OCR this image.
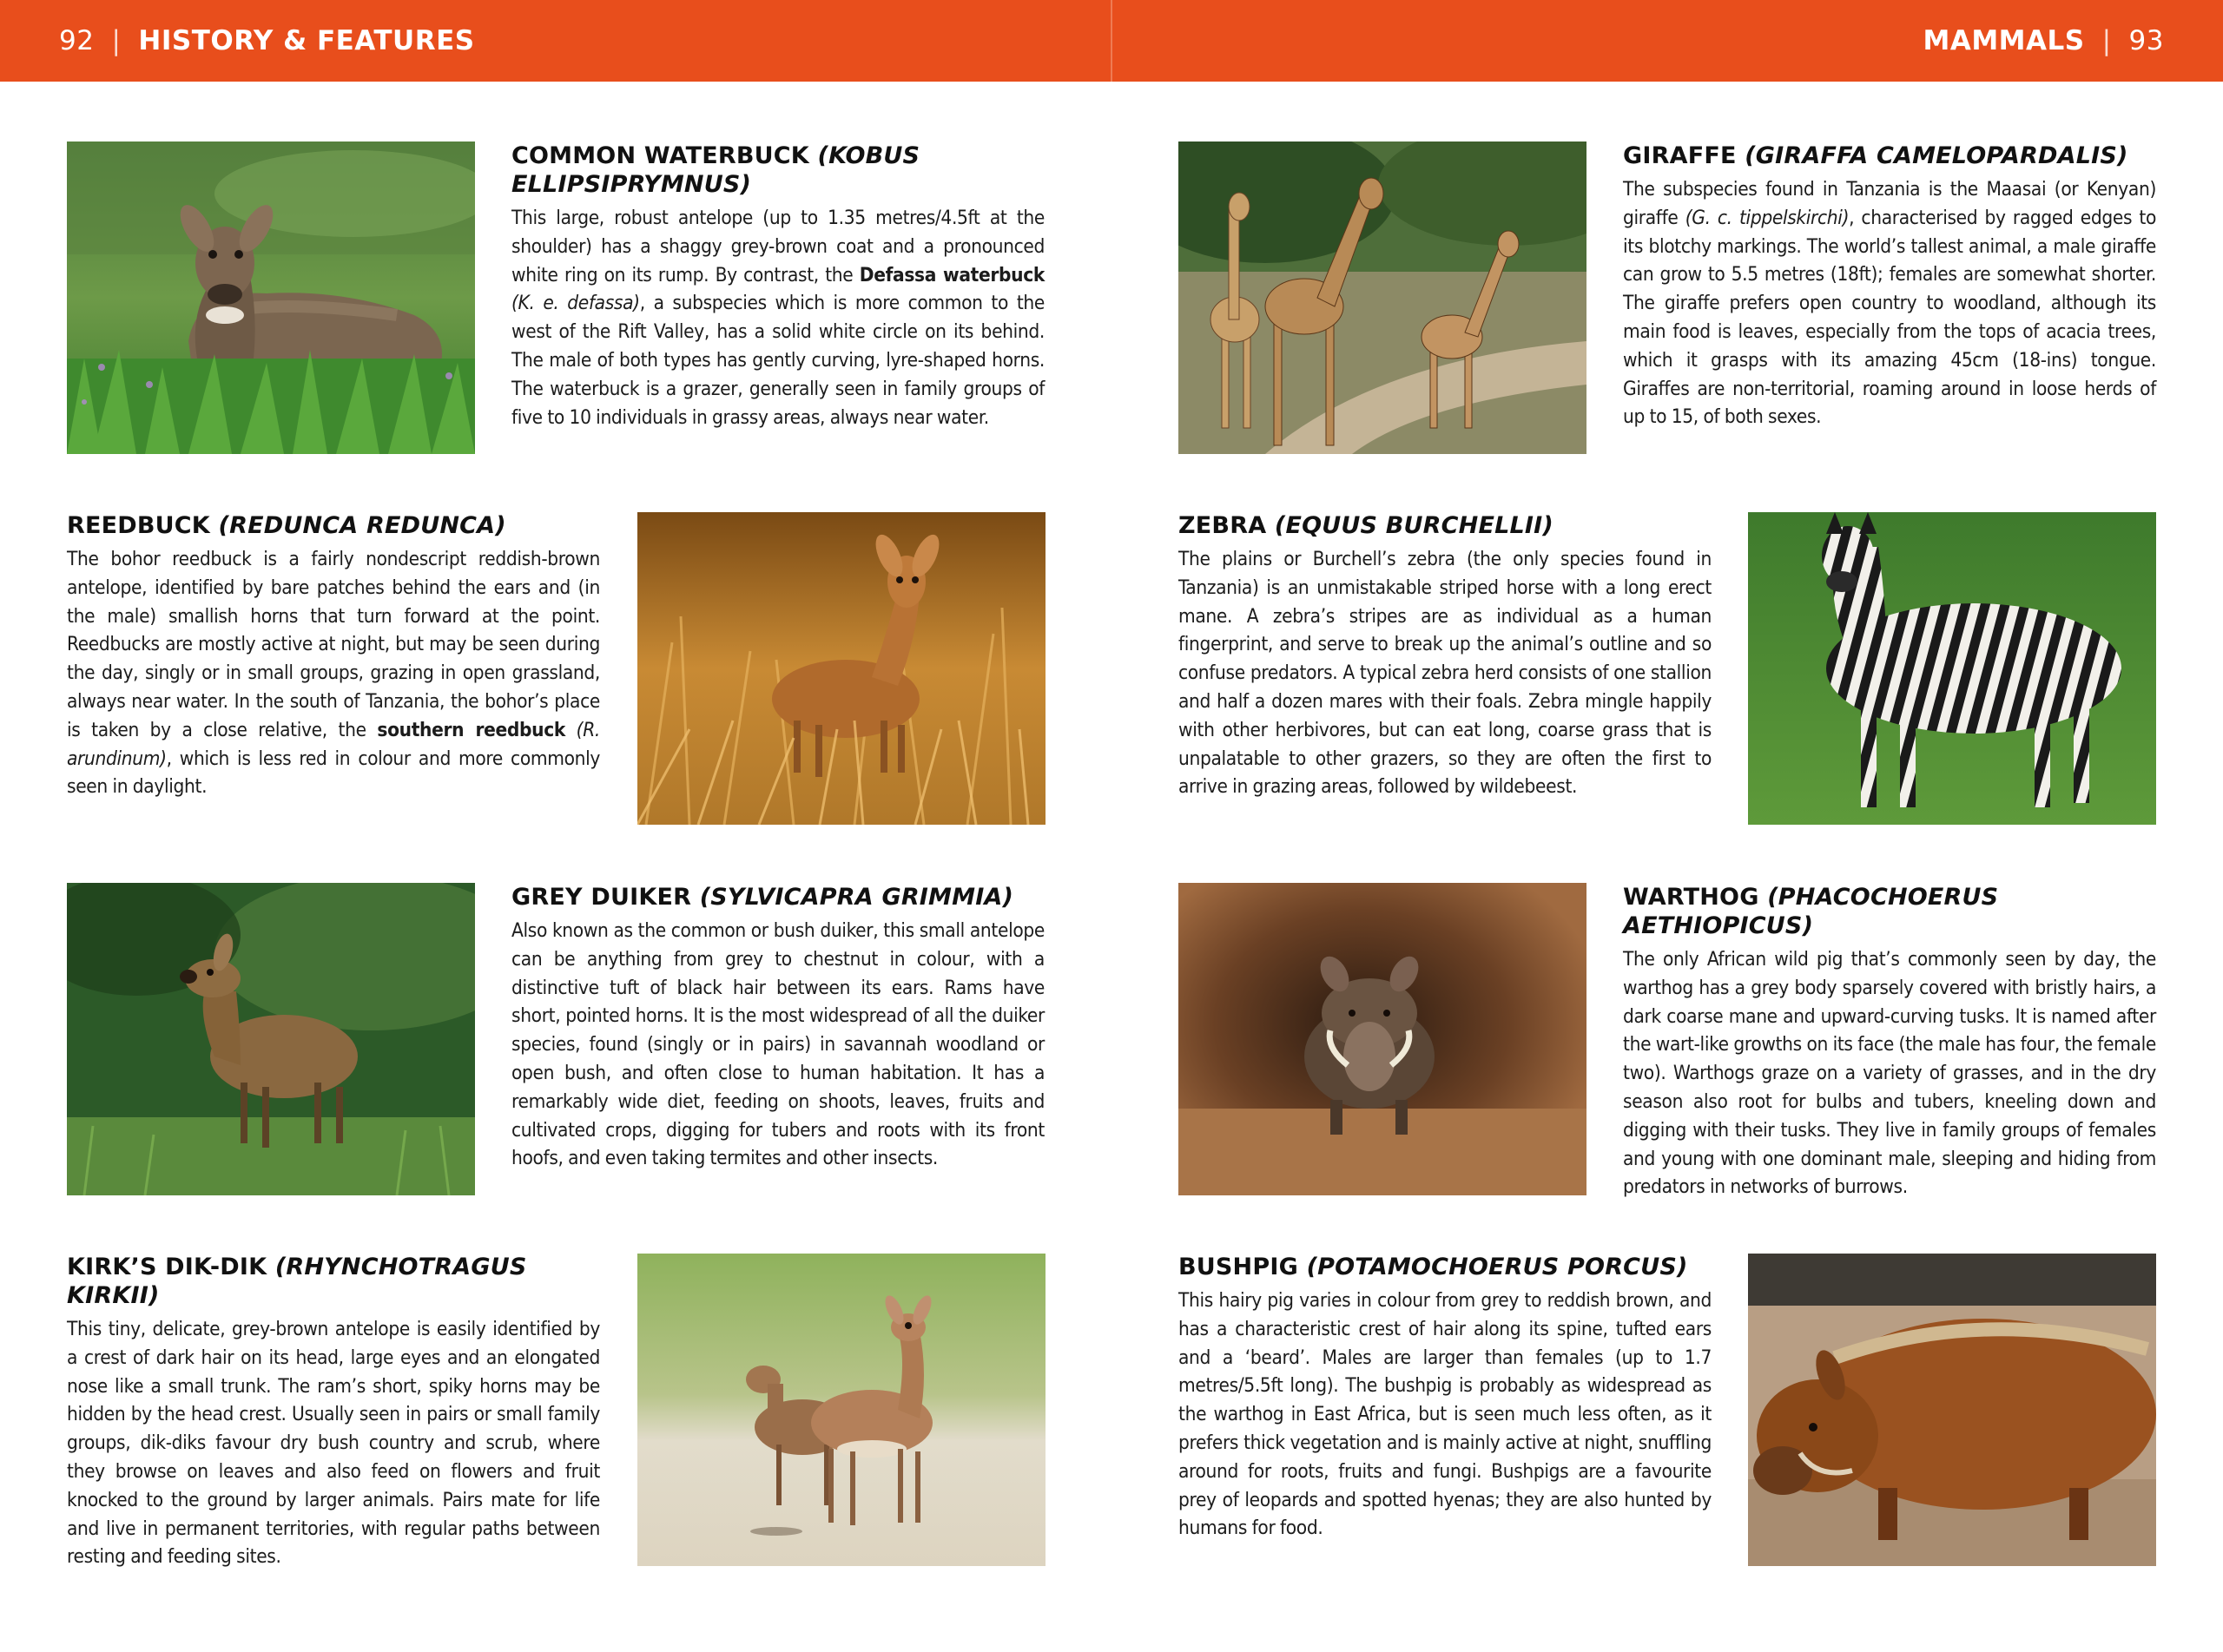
92 | HISTORY & FEATURES	MAMMALS | 93
COMMON WATERBUCK (KOBUS ELLIPSIPRYMNUS)

This large, robust antelope (up to 1.35 metres/4.5ft at the shoulder) has a shaggy grey-brown coat and a pronounced white ring on its rump. By contrast, the Defassa waterbuck (K. e. defassa), a subspecies which is more common to the west of the Rift Valley, has a solid white circle on its behind. The male of both types has gently curving, lyre-shaped horns. The waterbuck is a grazer, generally seen in family groups of five to 10 individuals in grassy areas, always near water.

REEDBUCK (REDUNCA REDUNCA)

The bohor reedbuck is a fairly nondescript reddish-brown antelope, identified by bare patches behind the ears and (in the male) smallish horns that turn forward at the point. Reedbucks are mostly active at night, but may be seen during the day, singly or in small groups, grazing in open grassland, always near water. In the south of Tanzania, the bohor’s place is taken by a close relative, the southern reedbuck (R. arundinum), which is less red in colour and more commonly seen in daylight.

GREY DUIKER (SYLVICAPRA GRIMMIA)

Also known as the common or bush duiker, this small antelope can be anything from grey to chestnut in colour, with a distinctive tuft of black hair between its ears. Rams have short, pointed horns. It is the most widespread of all the duiker species, found (singly or in pairs) in savannah woodland or open bush, and often close to human habitation. It has a remarkably wide diet, feeding on shoots, leaves, fruits and cultivated crops, digging for tubers and roots with its front hoofs, and even taking termites and other insects.

KIRK’S DIK-DIK (RHYNCHOTRAGUS KIRKII)

This tiny, delicate, grey-brown antelope is easily identified by a crest of dark hair on its head, large eyes and an elongated nose like a small trunk. The ram’s short, spiky horns may be hidden by the head crest. Usually seen in pairs or small family groups, dik-diks favour dry bush country and scrub, where they browse on leaves and also feed on flowers and fruit knocked to the ground by larger animals. Pairs mate for life and live in permanent territories, with regular paths between resting and feeding sites.

GIRAFFE (GIRAFFA CAMELOPARDALIS)

The subspecies found in Tanzania is the Maasai (or Kenyan) giraffe (G. c. tippelskirchi), characterised by ragged edges to its blotchy markings. The world’s tallest animal, a male giraffe can grow to 5.5 metres (18ft); females are somewhat shorter. The giraffe prefers open country to woodland, although its main food is leaves, especially from the tops of acacia trees, which it grasps with its amazing 45cm (18-ins) tongue. Giraffes are non-territorial, roaming around in loose herds of up to 15, of both sexes.

ZEBRA (EQUUS BURCHELLII)

The plains or Burchell’s zebra (the only species found in Tanzania) is an unmistakable striped horse with a long erect mane. A zebra’s stripes are as individual as a human fingerprint, and serve to break up the animal’s outline and so confuse predators. A typical zebra herd consists of one stallion and half a dozen mares with their foals. Zebra mingle happily with other herbivores, but can eat long, coarse grass that is unpalatable to other grazers, so they are often the first to arrive in grazing areas, followed by wildebeest.

WARTHOG (PHACOCHOERUS AETHIOPICUS)

The only African wild pig that’s commonly seen by day, the warthog has a grey body sparsely covered with bristly hairs, a dark coarse mane and upward-curving tusks. It is named after the wart-like growths on its face (the male has four, the female two). Warthogs graze on a variety of grasses, and in the dry season also root for bulbs and tubers, kneeling down and digging with their tusks. They live in family groups of females and young with one dominant male, sleeping and hiding from predators in networks of burrows.

BUSHPIG (POTAMOCHOERUS PORCUS)

This hairy pig varies in colour from grey to reddish brown, and has a characteristic crest of hair along its spine, tufted ears and a ‘beard’. Males are larger than females (up to 1.7 metres/5.5ft long). The bushpig is probably as widespread as the warthog in East Africa, but is seen much less often, as it prefers thick vegetation and is mainly active at night, snuffling around for roots, fruits and fungi. Bushpigs are a favourite prey of leopards and spotted hyenas; they are also hunted by humans for food.
